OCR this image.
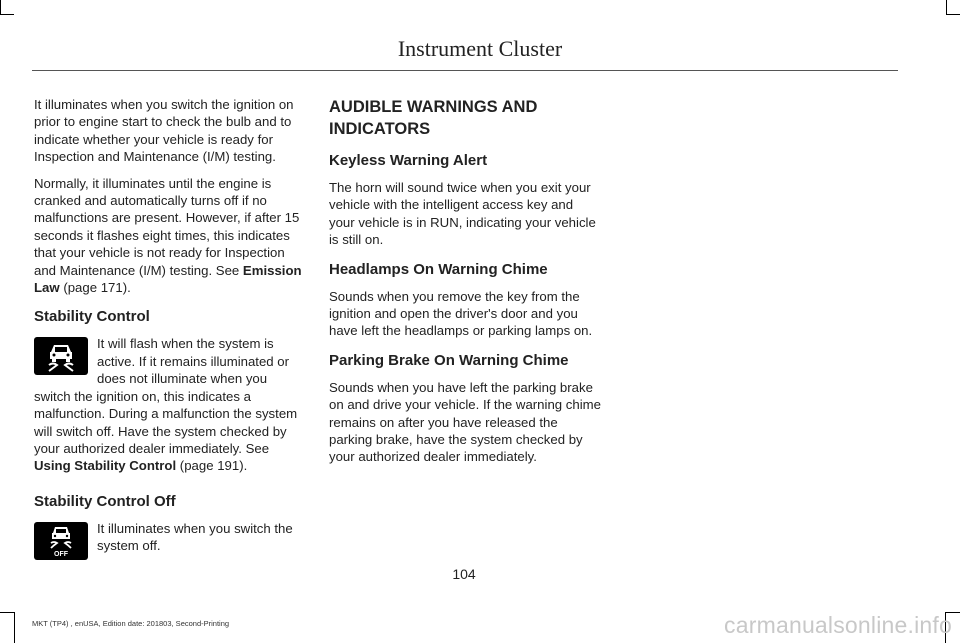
Instrument Cluster

It illuminates when you switch the ignition on prior to engine start to check the bulb and to indicate whether your vehicle is ready for Inspection and Maintenance (I/M) testing.

Normally, it illuminates until the engine is cranked and automatically turns off if no malfunctions are present. However, if after 15 seconds it flashes eight times, this indicates that your vehicle is not ready for Inspection and Maintenance (I/M) testing. See Emission Law (page 171).

Stability Control

It will flash when the system is active. If it remains illuminated or does not illuminate when you switch the ignition on, this indicates a malfunction. During a malfunction the system will switch off. Have the system checked by your authorized dealer immediately. See Using Stability Control (page 191).

Stability Control Off
OFF

It illuminates when you switch the system off.

AUDIBLE WARNINGS AND
INDICATORS
Keyless Warning Alert

The horn will sound twice when you exit your vehicle with the intelligent access key and your vehicle is in RUN, indicating your vehicle is still on.

Headlamps On Warning Chime

Sounds when you remove the key from the ignition and open the driver's door and you have left the headlamps or parking lamps on.

Parking Brake On Warning Chime

Sounds when you have left the parking brake on and drive your vehicle. If the warning chime remains on after you have released the parking brake, have the system checked by your authorized dealer immediately.

104
MKT (TP4) , enUSA, Edition date: 201803, Second-Printing	carmanualsonline.info
